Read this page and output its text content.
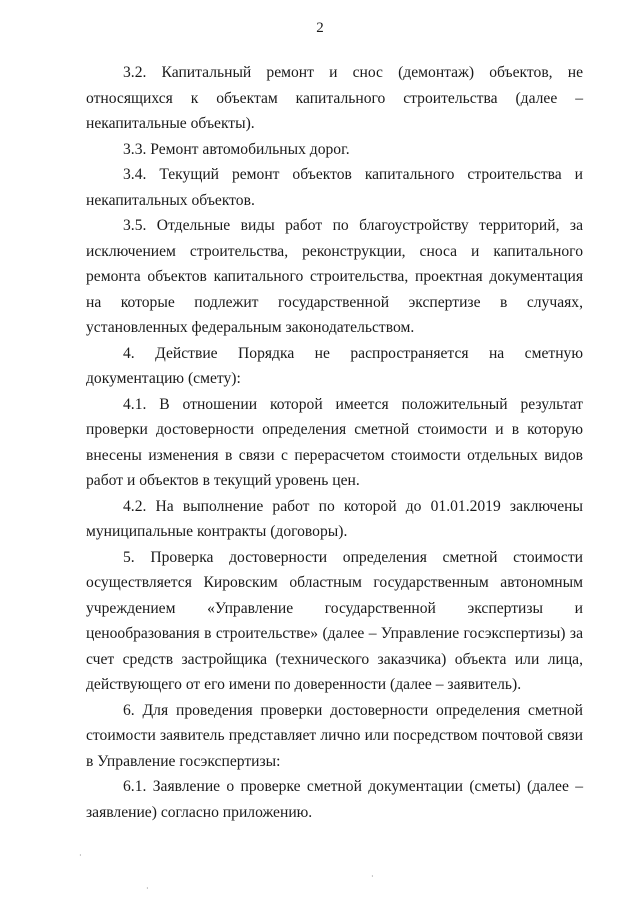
2

3.2. Капитальный ремонт и снос (демонтаж) объектов, не относящихся к объектам капитального строительства (далее – некапитальные объекты).

3.3. Ремонт автомобильных дорог.

3.4. Текущий ремонт объектов капитального строительства и некапитальных объектов.

3.5. Отдельные виды работ по благоустройству территорий, за исключением строительства, реконструкции, сноса и капитального ремонта объектов капитального строительства, проектная документация на которые подлежит государственной экспертизе в случаях, установленных федеральным законодательством.

4. Действие Порядка не распространяется на сметную документацию (смету):

4.1. В отношении которой имеется положительный результат проверки достоверности определения сметной стоимости и в которую внесены изменения в связи с перерасчетом стоимости отдельных видов работ и объектов в текущий уровень цен.

4.2. На выполнение работ по которой до 01.01.2019 заключены муниципальные контракты (договоры).

5. Проверка достоверности определения сметной стоимости осуществляется Кировским областным государственным автономным учреждением «Управление государственной экспертизы и ценообразования в строительстве» (далее – Управление госэкспертизы) за счет средств застройщика (технического заказчика) объекта или лица, действующего от его имени по доверенности (далее – заявитель).

6. Для проведения проверки достоверности определения сметной стоимости заявитель представляет лично или посредством почтовой связи в Управление госэкспертизы:

6.1. Заявление о проверке сметной документации (сметы) (далее – заявление) согласно приложению.

·
·
·
